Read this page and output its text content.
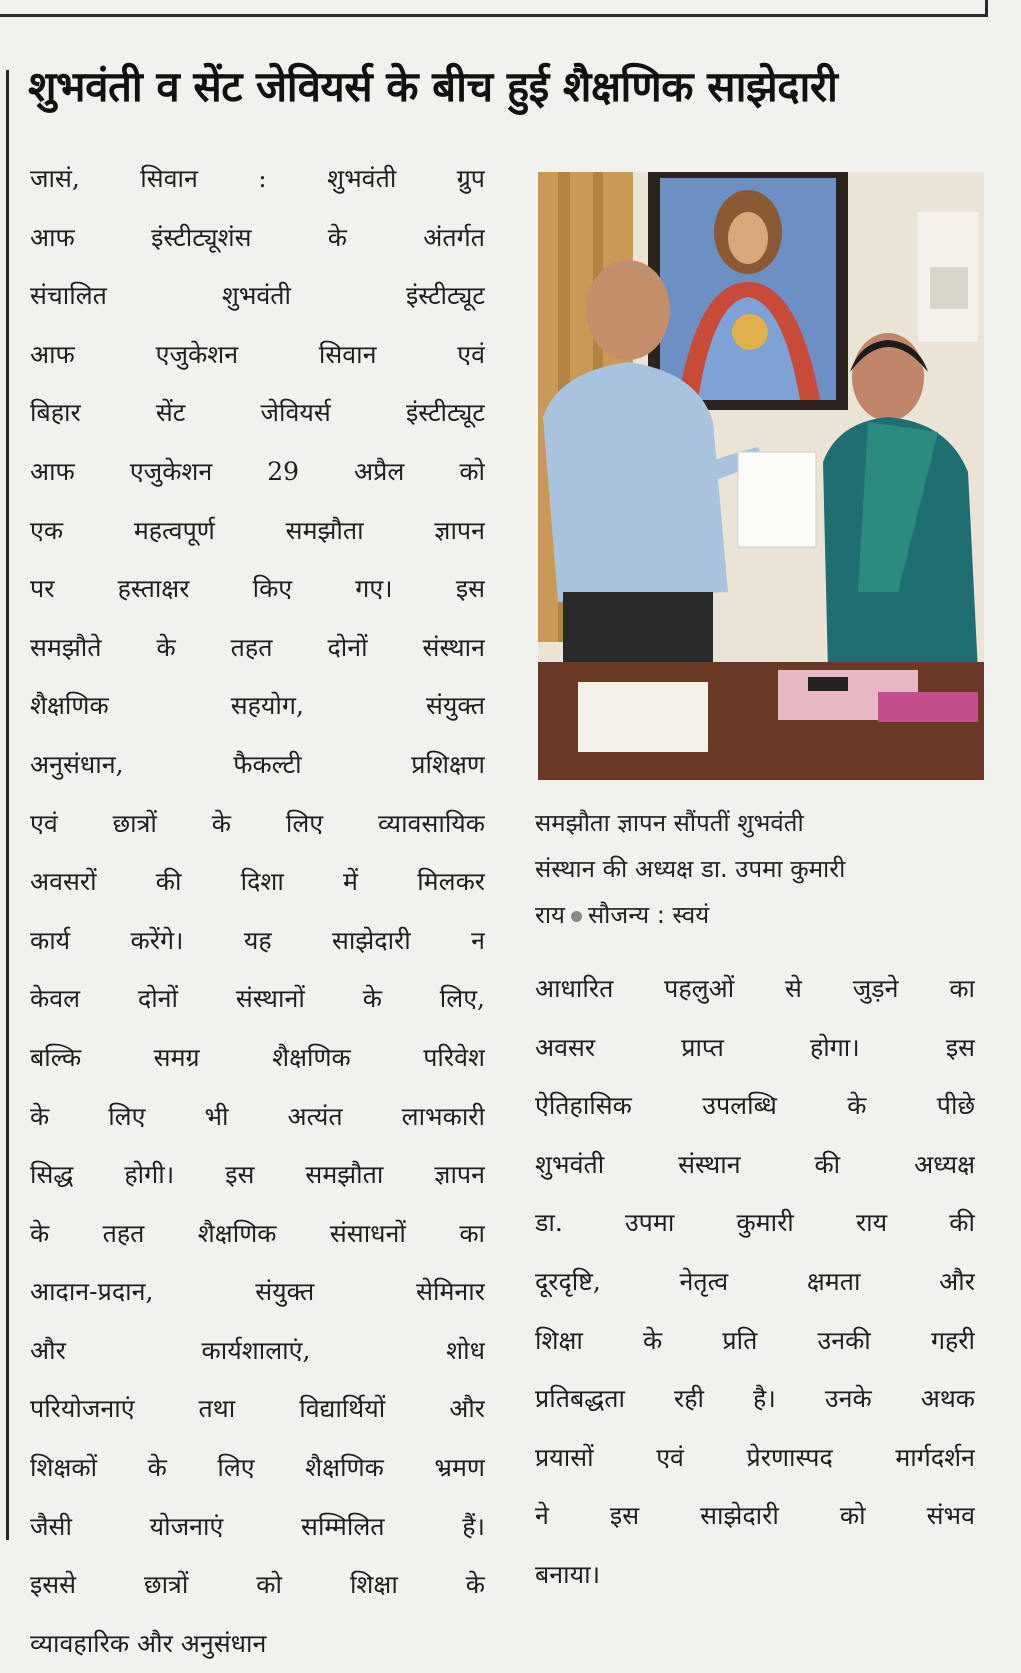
शुभवंती व सेंट जेवियर्स के बीच हुई शैक्षणिक साझेदारी
जासं, सिवान : शुभवंती ग्रुप
आफ इंस्टीट्यूशंस के अंतर्गत
संचालित शुभवंती इंस्टीट्यूट
आफ एजुकेशन सिवान एवं
बिहार सेंट जेवियर्स इंस्टीट्यूट
आफ एजुकेशन 29 अप्रैल को
एक महत्वपूर्ण समझौता ज्ञापन
पर हस्ताक्षर किए गए। इस
समझौते के तहत दोनों संस्थान
शैक्षणिक सहयोग, संयुक्त
अनुसंधान, फैकल्टी प्रशिक्षण
एवं छात्रों के लिए व्यावसायिक
अवसरों की दिशा में मिलकर
कार्य करेंगे। यह साझेदारी न
केवल दोनों संस्थानों के लिए,
बल्कि समग्र शैक्षणिक परिवेश
के लिए भी अत्यंत लाभकारी
सिद्ध होगी। इस समझौता ज्ञापन
के तहत शैक्षणिक संसाधनों का
आदान-प्रदान, संयुक्त सेमिनार
और कार्यशालाएं, शोध
परियोजनाएं तथा विद्यार्थियों और
शिक्षकों के लिए शैक्षणिक भ्रमण
जैसी योजनाएं सम्मिलित हैं।
इससे छात्रों को शिक्षा के
व्यावहारिक और अनुसंधान
समझौता ज्ञापन सौंपतीं शुभवंती
संस्थान की अध्यक्ष डा. उपमा कुमारी
राय सौजन्य : स्वयं
आधारित पहलुओं से जुड़ने का
अवसर प्राप्त होगा। इस
ऐतिहासिक उपलब्धि के पीछे
शुभवंती संस्थान की अध्यक्ष
डा. उपमा कुमारी राय की
दूरदृष्टि, नेतृत्व क्षमता और
शिक्षा के प्रति उनकी गहरी
प्रतिबद्धता रही है। उनके अथक
प्रयासों एवं प्रेरणास्पद मार्गदर्शन
ने इस साझेदारी को संभव
बनाया।
